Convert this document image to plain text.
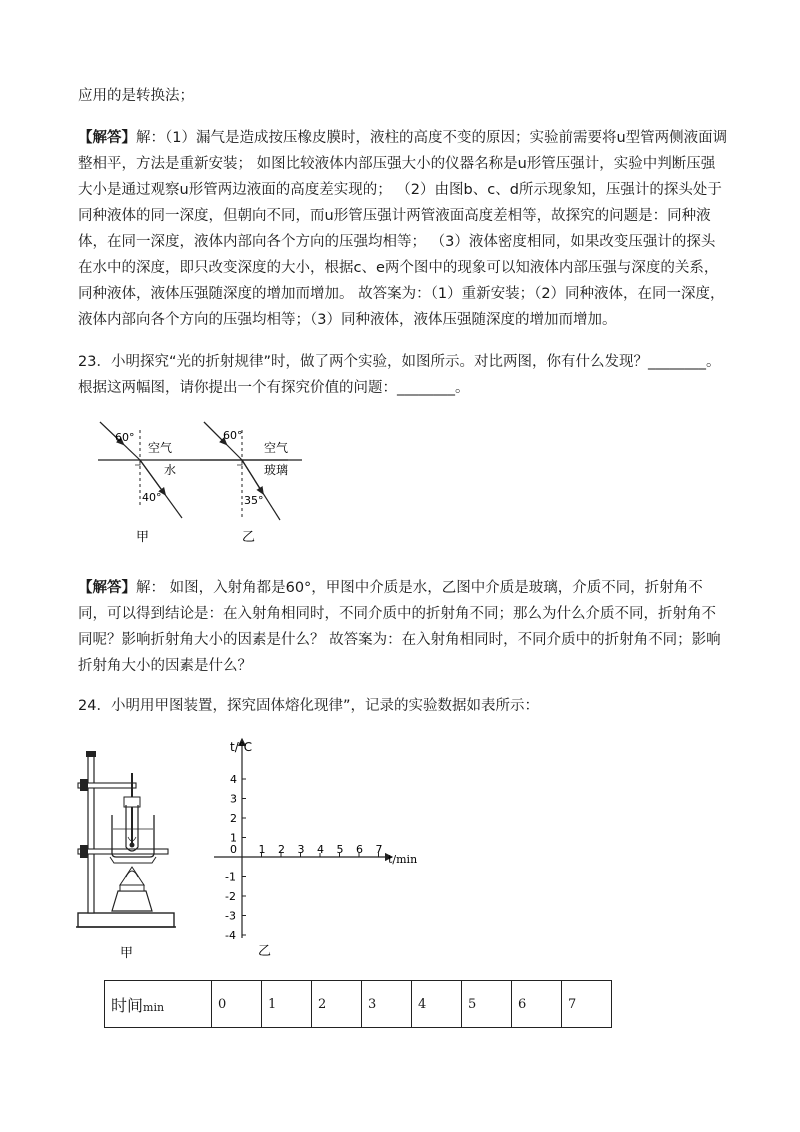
应用的是转换法；
【解答】解：（1）漏气是造成按压橡皮膜时，液柱的高度不变的原因；实验前需要将u型管两侧液面调整相平，方法是重新安装； 如图比较液体内部压强大小的仪器名称是u形管压强计，实验中判断压强大小是通过观察u形管两边液面的高度差实现的； （2）由图b、c、d所示现象知，压强计的探头处于同种液体的同一深度，但朝向不同，而u形管压强计两管液面高度差相等，故探究的问题是：同种液体，在同一深度，液体内部向各个方向的压强均相等； （3）液体密度相同，如果改变压强计的探头在水中的深度，即只改变深度的大小，根据c、e两个图中的现象可以知液体内部压强与深度的关系，同种液体，液体压强随深度的增加而增加。 故答案为：（1）重新安装；（2）同种液体，在同一深度，液体内部向各个方向的压强均相等；（3）同种液体，液体压强随深度的增加而增加。
23．小明探究“光的折射规律”时，做了两个实验，如图所示。对比两图，你有什么发现？________。根据这两幅图，请你提出一个有探究价值的问题：________。
60°
空气
水
40°
甲
60°
空气
玻璃
35°
乙
【解答】解： 如图，入射角都是60°，甲图中介质是水，乙图中介质是玻璃，介质不同，折射角不同，可以得到结论是：在入射角相同时，不同介质中的折射角不同；那么为什么介质不同，折射角不同呢？影响折射角大小的因素是什么？ 故答案为：在入射角相同时，不同介质中的折射角不同；影响折射角大小的因素是什么？
24．小明用甲图装置，探究固体熔化现律”，记录的实验数据如表所示：
甲
0 1 2 3 4 5 6 7
1
2
3
4
-1
-2
-3
-4
t/℃
t/min
乙
时间min	0	1	2	3	4	5	6	7
